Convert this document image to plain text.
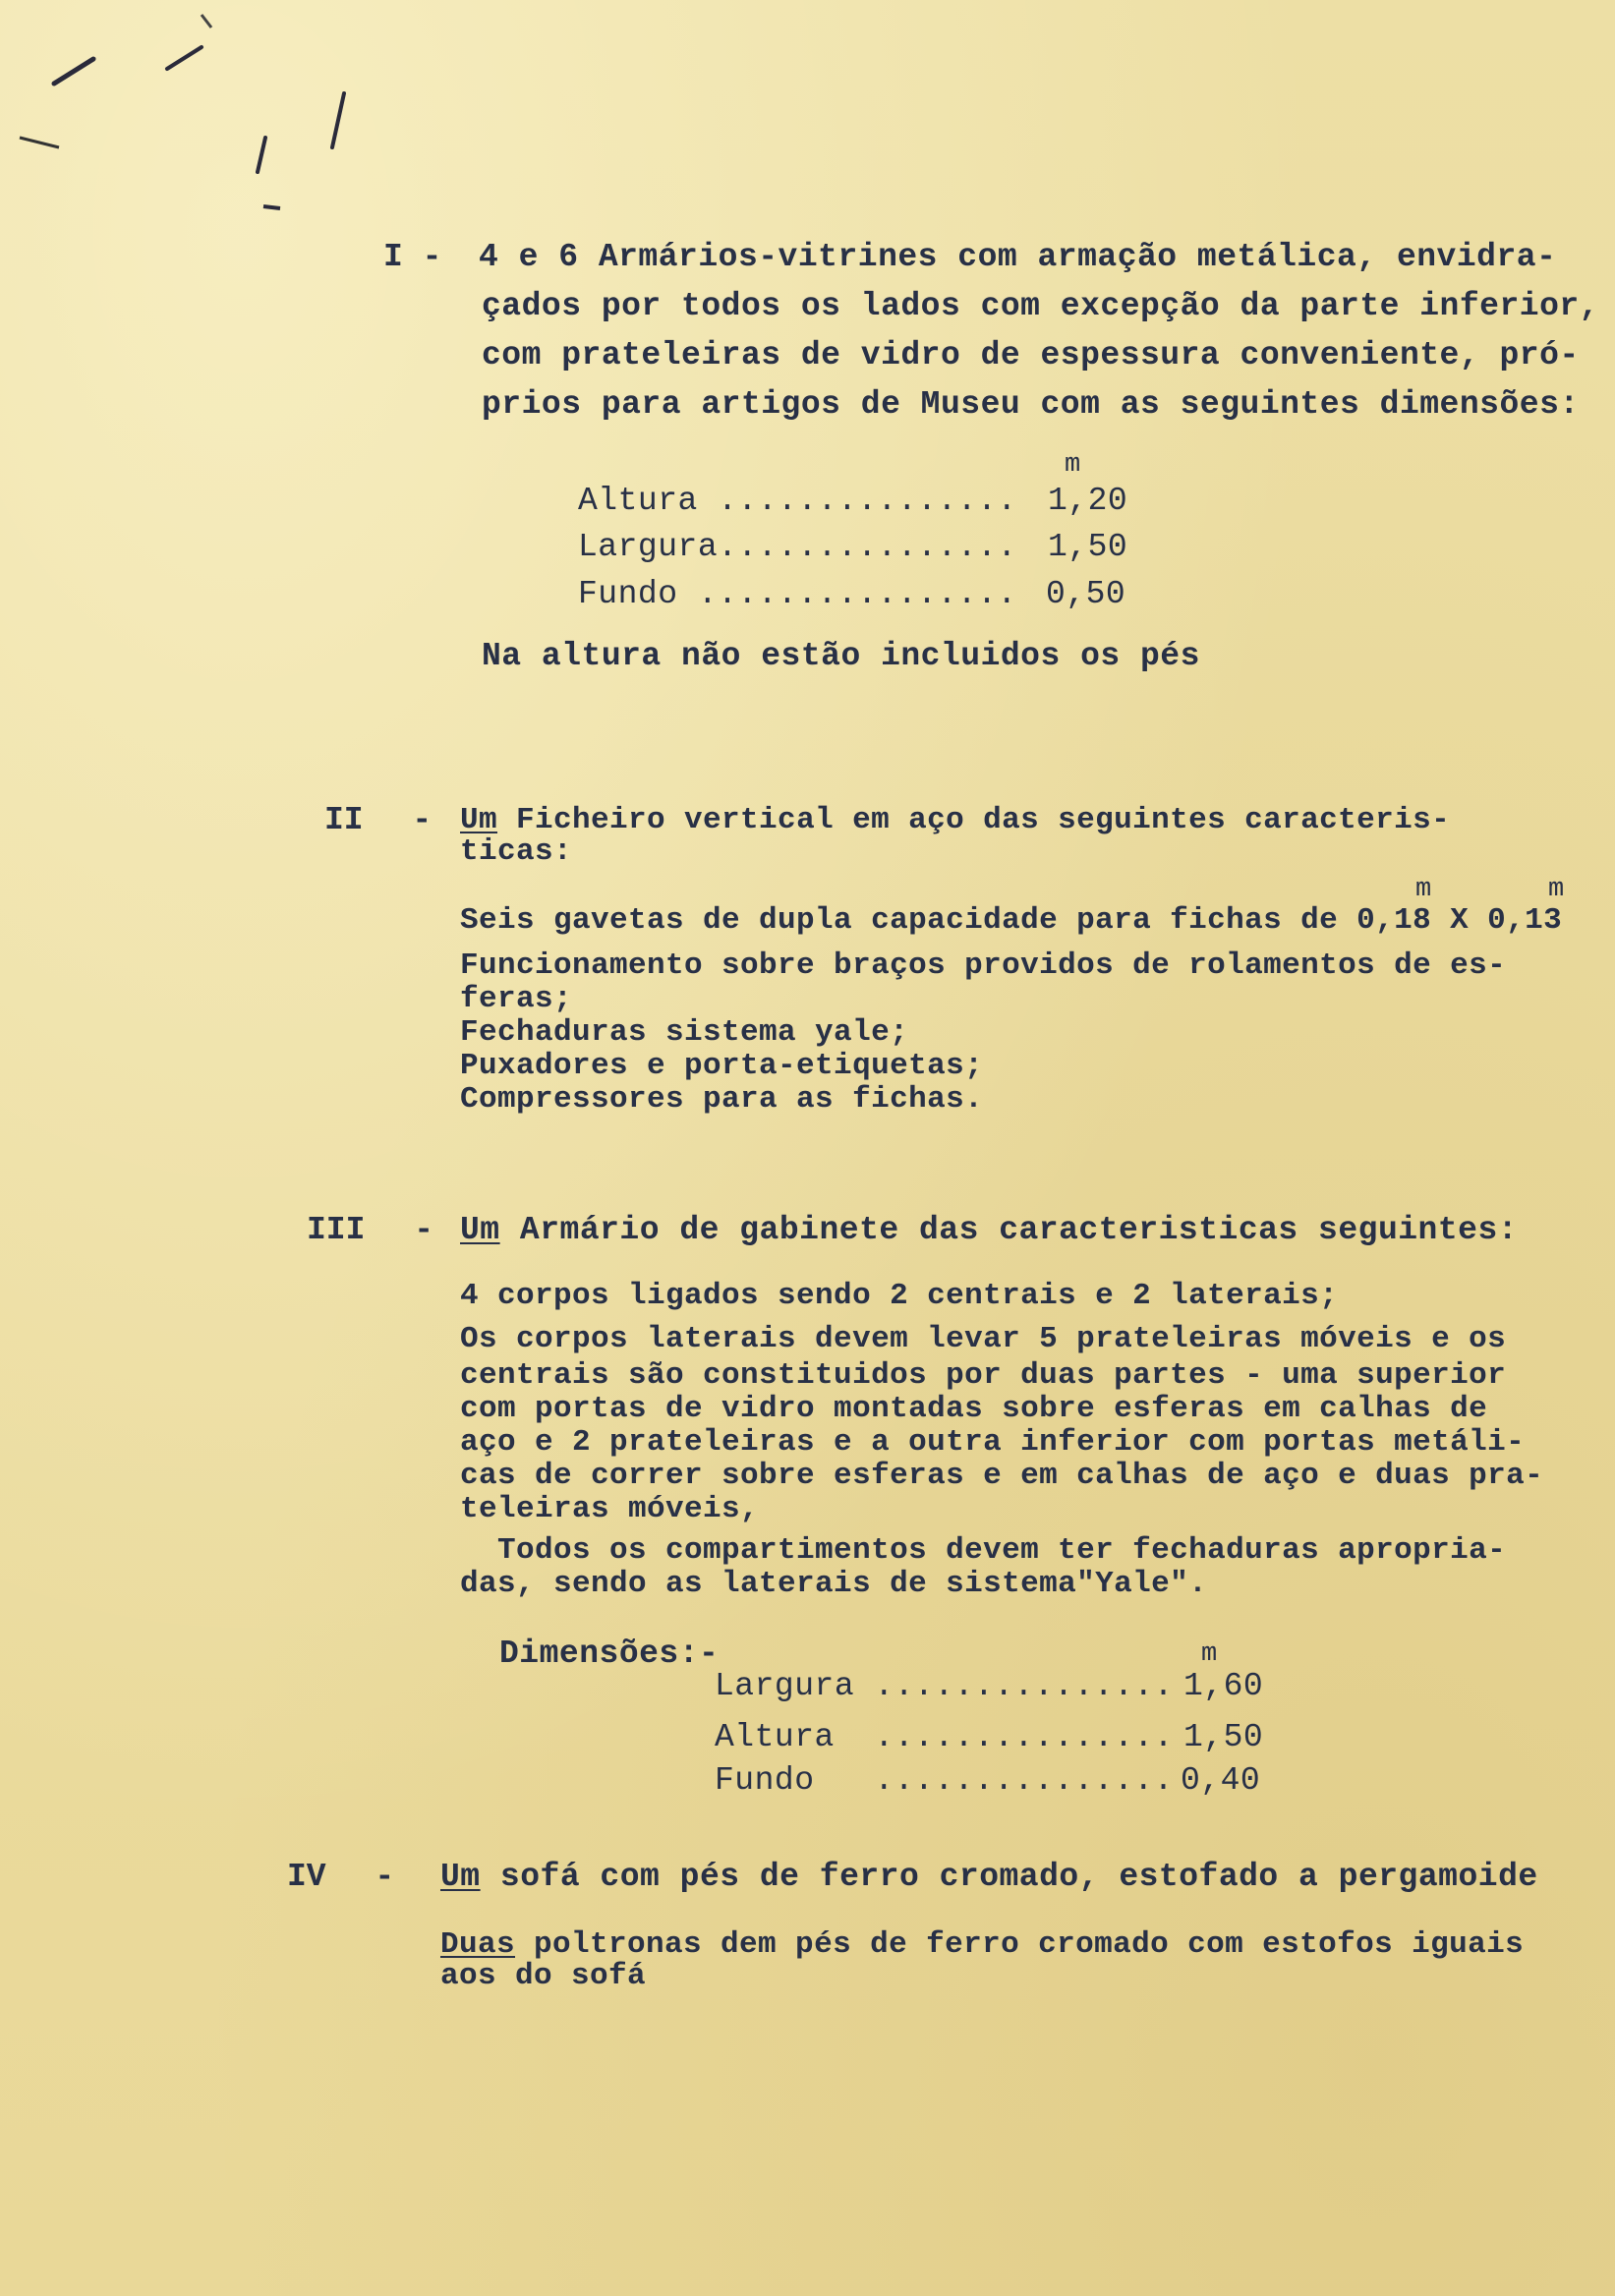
I - 4 e 6 Armários-vitrines com armação metálica, envidra-
çados por todos os lados com excepção da parte inferior,
com prateleiras de vidro de espessura conveniente, pró-
prios para artigos de Museu com as seguintes dimensões:
m
Altura ............... 1,20
Largura............... 1,50
Fundo ................ 0,50
Na altura não estão incluidos os pés
II - Um Ficheiro vertical em aço das seguintes caracteris-
ticas:
m	m
Seis gavetas de dupla capacidade para fichas de 0,18 X 0,13
Funcionamento sobre braços providos de rolamentos de es-
feras;
Fechaduras sistema yale;
Puxadores e porta-etiquetas;
Compressores para as fichas.
III - Um Armário de gabinete das caracteristicas seguintes:
4 corpos ligados sendo 2 centrais e 2 laterais;
Os corpos laterais devem levar 5 prateleiras móveis e os
centrais são constituidos por duas partes - uma superior
com portas de vidro montadas sobre esferas em calhas de
aço e 2 prateleiras e a outra inferior com portas metáli-
cas de correr sobre esferas e em calhas de aço e duas pra-
teleiras móveis,
Todos os compartimentos devem ter fechaduras apropria-
das, sendo as laterais de sistema"Yale".
Dimensões:-	m
Largura ............... 1,60
Altura  ............... 1,50
Fundo   ............... 0,40
IV - Um sofá com pés de ferro cromado, estofado a pergamoide
Duas poltronas dem pés de ferro cromado com estofos iguais
aos do sofá
